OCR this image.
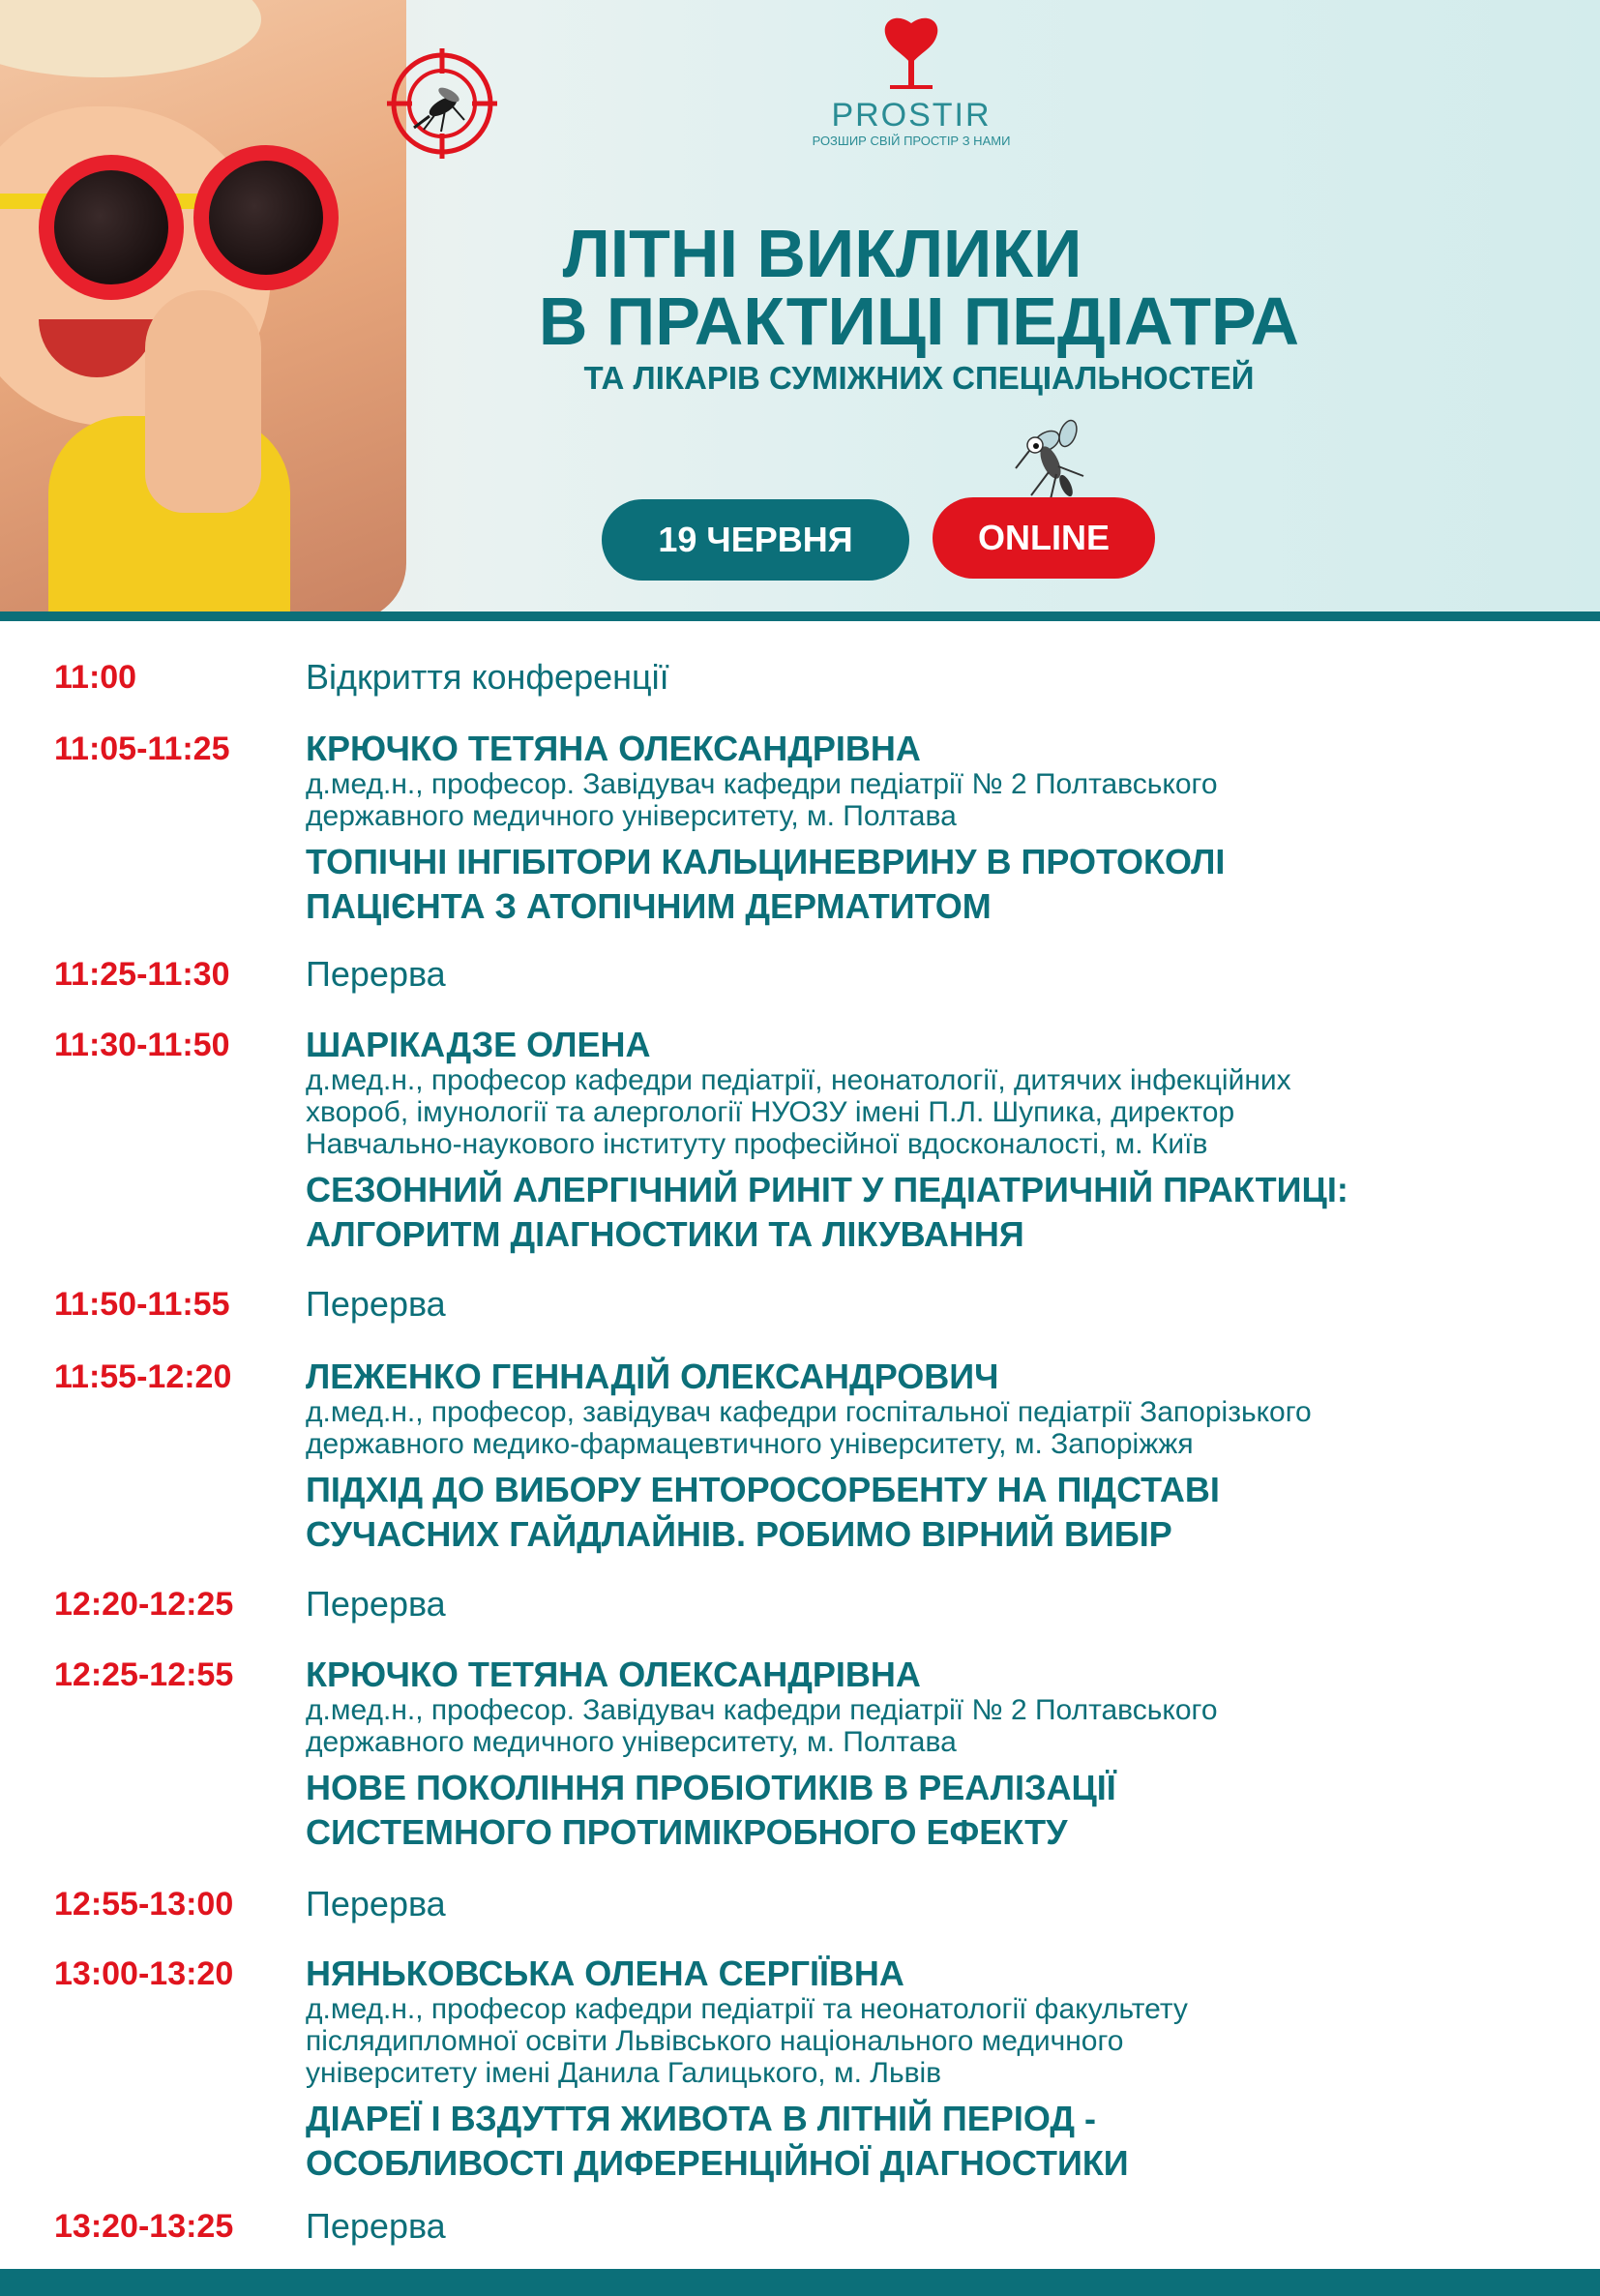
PROSTIR
РОЗШИР СВІЙ ПРОСТІР З НАМИ
ЛІТНІ ВИКЛИКИ
В ПРАКТИЦІ ПЕДІАТРА
ТА ЛІКАРІВ СУМІЖНИХ СПЕЦІАЛЬНОСТЕЙ
19 ЧЕРВНЯ	ONLINE
11:00	Відкриття конференції
11:05-11:25	КРЮЧКО ТЕТЯНА ОЛЕКСАНДРІВНА
д.мед.н., професор. Завідувач кафедри педіатрії № 2 Полтавського
державного медичного університету, м. Полтава
ТОПІЧНІ ІНГІБІТОРИ КАЛЬЦИНЕВРИНУ В ПРОТОКОЛІ
ПАЦІЄНТА З АТОПІЧНИМ ДЕРМАТИТОМ
11:25-11:30	Перерва
11:30-11:50	ШАРІКАДЗЕ ОЛЕНА
д.мед.н., професор кафедри педіатрії, неонатології, дитячих інфекційних
хвороб, імунології та алергології НУОЗУ імені П.Л. Шупика, директор
Навчально-наукового інституту професійної вдосконалості, м. Київ
СЕЗОННИЙ АЛЕРГІЧНИЙ РИНІТ У ПЕДІАТРИЧНІЙ ПРАКТИЦІ:
АЛГОРИТМ ДІАГНОСТИКИ ТА ЛІКУВАННЯ
11:50-11:55	Перерва
11:55-12:20	ЛЕЖЕНКО ГЕННАДІЙ ОЛЕКСАНДРОВИЧ
д.мед.н., професор, завідувач кафедри госпітальної педіатрії Запорізького
державного медико-фармацевтичного університету, м. Запоріжжя
ПІДХІД ДО ВИБОРУ ЕНТОРОСОРБЕНТУ НА ПІДСТАВІ
СУЧАСНИХ ГАЙДЛАЙНІВ. РОБИМО ВІРНИЙ ВИБІР
12:20-12:25	Перерва
12:25-12:55	КРЮЧКО ТЕТЯНА ОЛЕКСАНДРІВНА
д.мед.н., професор. Завідувач кафедри педіатрії № 2 Полтавського
державного медичного університету, м. Полтава
НОВЕ ПОКОЛІННЯ ПРОБІОТИКІВ В РЕАЛІЗАЦІЇ
СИСТЕМНОГО ПРОТИМІКРОБНОГО ЕФЕКТУ
12:55-13:00	Перерва
13:00-13:20	НЯНЬКОВСЬКА ОЛЕНА СЕРГІЇВНА
д.мед.н., професор кафедри педіатрії та неонатології факультету
післядипломної освіти Львівського національного медичного
університету імені Данила Галицького, м. Львів
ДІАРЕЇ І ВЗДУТТЯ ЖИВОТА В ЛІТНІЙ ПЕРІОД -
ОСОБЛИВОСТІ ДИФЕРЕНЦІЙНОЇ ДІАГНОСТИКИ
13:20-13:25	Перерва
